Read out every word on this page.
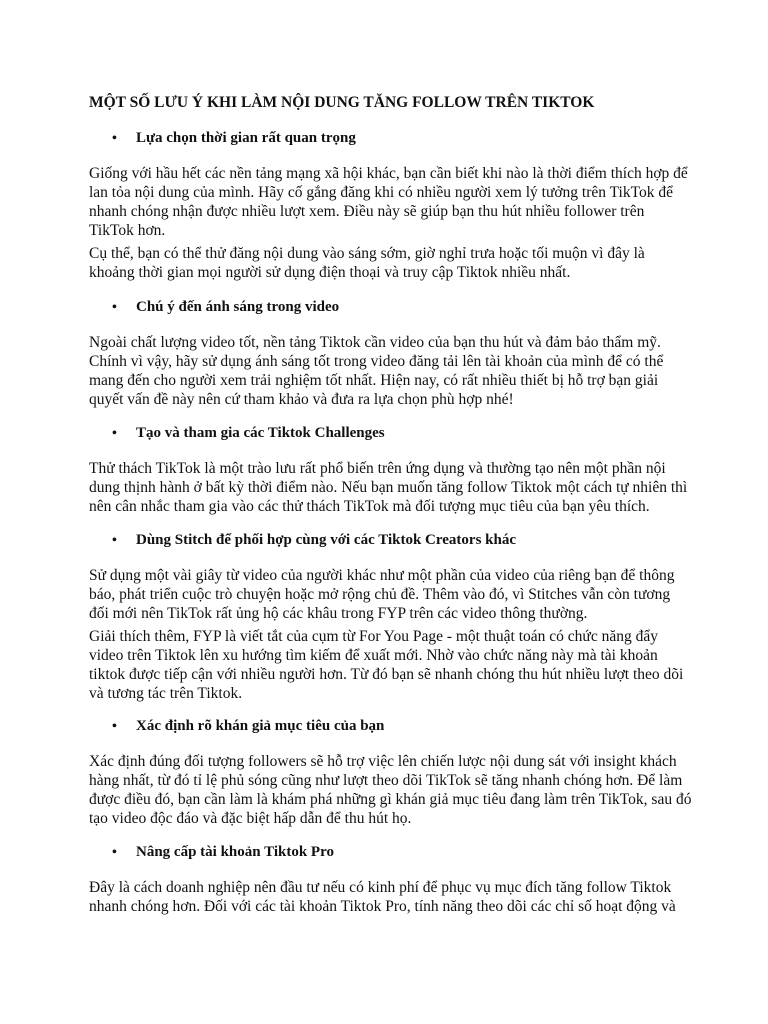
MỘT SỐ LƯU Ý KHI LÀM NỘI DUNG TĂNG FOLLOW TRÊN TIKTOK
• Lựa chọn thời gian rất quan trọng

Giống với hầu hết các nền tảng mạng xã hội khác, bạn cần biết khi nào là thời điểm thích hợp để
lan tỏa nội dung của mình. Hãy cố gắng đăng khi có nhiều người xem lý tưởng trên TikTok để
nhanh chóng nhận được nhiều lượt xem. Điều này sẽ giúp bạn thu hút nhiều follower trên
TikTok hơn.

Cụ thể, bạn có thể thử đăng nội dung vào sáng sớm, giờ nghỉ trưa hoặc tối muộn vì đây là
khoảng thời gian mọi người sử dụng điện thoại và truy cập Tiktok nhiều nhất.

• Chú ý đến ánh sáng trong video

Ngoài chất lượng video tốt, nền tảng Tiktok cần video của bạn thu hút và đảm bảo thẩm mỹ.
Chính vì vậy, hãy sử dụng ánh sáng tốt trong video đăng tải lên tài khoản của mình để có thể
mang đến cho người xem trải nghiệm tốt nhất. Hiện nay, có rất nhiều thiết bị hỗ trợ bạn giải
quyết vấn đề này nên cứ tham khảo và đưa ra lựa chọn phù hợp nhé!

• Tạo và tham gia các Tiktok Challenges

Thử thách TikTok là một trào lưu rất phổ biến trên ứng dụng và thường tạo nên một phần nội
dung thịnh hành ở bất kỳ thời điểm nào. Nếu bạn muốn tăng follow Tiktok một cách tự nhiên thì
nên cân nhắc tham gia vào các thử thách TikTok mà đối tượng mục tiêu của bạn yêu thích.

• Dùng Stitch để phối hợp cùng với các Tiktok Creators khác

Sử dụng một vài giây từ video của người khác như một phần của video của riêng bạn để thông
báo, phát triển cuộc trò chuyện hoặc mở rộng chủ đề. Thêm vào đó, vì Stitches vẫn còn tương
đối mới nên TikTok rất ủng hộ các khâu trong FYP trên các video thông thường.

Giải thích thêm, FYP là viết tắt của cụm từ For You Page - một thuật toán có chức năng đẩy
video trên Tiktok lên xu hướng tìm kiếm để xuất mới. Nhờ vào chức năng này mà tài khoản
tiktok được tiếp cận với nhiều người hơn. Từ đó bạn sẽ nhanh chóng thu hút nhiều lượt theo dõi
và tương tác trên Tiktok.

• Xác định rõ khán giả mục tiêu của bạn

Xác định đúng đối tượng followers sẽ hỗ trợ việc lên chiến lược nội dung sát với insight khách
hàng nhất, từ đó tỉ lệ phủ sóng cũng như lượt theo dõi TikTok sẽ tăng nhanh chóng hơn. Để làm
được điều đó, bạn cần làm là khám phá những gì khán giả mục tiêu đang làm trên TikTok, sau đó
tạo video độc đáo và đặc biệt hấp dẫn để thu hút họ.

• Nâng cấp tài khoản Tiktok Pro

Đây là cách doanh nghiệp nên đầu tư nếu có kinh phí để phục vụ mục đích tăng follow Tiktok
nhanh chóng hơn. Đối với các tài khoản Tiktok Pro, tính năng theo dõi các chỉ số hoạt động và
